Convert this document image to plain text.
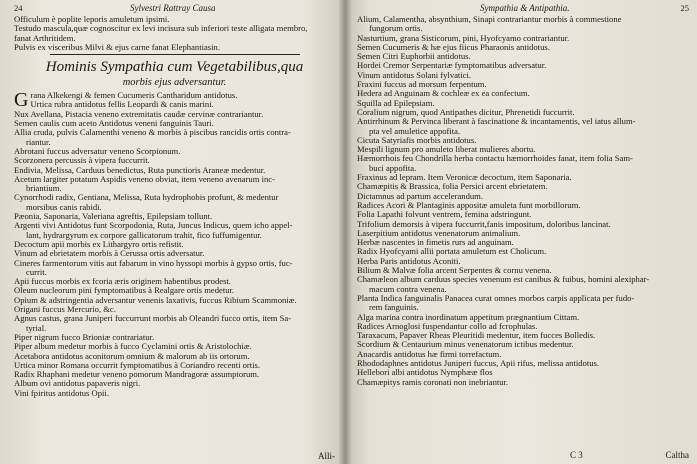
24	Sylvestri Rattray Causa
Officulum è poplite leporis amuletum ipsimi.
Testudo mascula,quæ cognoscitur ex levi incisura sub inferiori teste alligata membro,
fanat Arthritidem.
Pulvis ex visceribus Milvi & ejus carne fanat Elephantiasin.
Hominis Sympathia cum Vegetabilibus,qua
morbis ejus adversantur.
G rana Alkekengi & femen Cucumeris Cantharidum antidotus.
Urtica rubra antidotus fellis Leopardi & canis marini.
Nux Avellana, Pistacia veneno extremitatis caudæ cervinæ contrariantur.
Semen caulis cum aceto Antidotus veneni fanguinis Tauri.
Allia cruda, pulvis Calamenthi veneno & morbis à piscibus rancidis ortis contra-
riantur.
Abrotani fuccus adversatur veneno Scorpionum.
Scorzonera percussis à vipera fuccurrit.
Endivia, Melissa, Carduus benedictus, Ruta punctioris Araneæ medentur.
Acetum largiter potatum Aspidis veneno obviat, item veneno avenarum inc-
briantium.
Cynorrhodi radix, Gentiana, Melissa, Ruta hydrophobis profunt, & medentur
morsibus canis rabidi.
Pæonia, Saponaria, Valeriana agreftis, Epilepsiam tollunt.
Argenti vivi Antidotus funt Scorpodonia, Ruta, Juncus Indicus, quem icho appel-
lant, hydrargyrum ex corpore gallicatorum trahit, fico fuffumigentur.
Decoctum apii morbis ex Lithargyro ortis refistit.
Vinum ad ebrietatem morbis à Cerussa ortis adversatur.
Cineres farmentorum vitis aut fabarum in vino hyssopi morbis à gypso ortis, fuc-
currit.
Apii fuccus morbis ex fcoria æris originem habentibus prodest.
Oleum nucleorum pini fymptomatibus à Realgare ortis medetur.
Opium & adstringentia adversantur venenis laxativis, fuccus Ribium Scammoniæ.
Origani fuccus Mercurio, &c.
Agnus castus, grana Juniperi fuccurrunt morbis ab Oleandri fucco ortis, item Sa-
tyrial.
Piper nigrum fucco Brioniæ contrariatur.
Piper album medetur morbis à fucco Cyclamini ortis & Aristolochiæ.
Acetabora antidotus aconitorum omnium & malorum ab iis ortorum.
Urtica minor Romana occurrit fymptomatibus à Coriandro recenti ortis.
Radix Rhaphani medetur veneno pomorum Mandragoræ assumptorum.
Album ovi antidotus papaveris nigri.
Vini fpiritus antidotus Opii.
Alli-
Sympathia & Antipathia.	25
Alium, Calamentha, absynthium, Sinapi contrariantur morbis à commestione
fungorum ortis.
Nasturtium, grana Sisticorum, pini, Hyofcyamo contrariantur.
Semen Cucumeris & hæ ejus fiicus Pharaonis antidotus.
Semen Citri Euphorbii antidotus.
Hordei Cremor Serpentariæ fymptomatibus adversatur.
Vinum antidotus Solani fylvatici.
Fraxini fuccus ad morsum ferpentum.
Hedera ad Anguinam & cochleæ ex ea confectum.
Squilla ad Epilepsiam.
Coralium nigrum, quod Antipathes dicitur, Phrenetidi fuccurrit.
Antirrhinum & Pervinca liberant à fascinatione & incantamentis, vel iatus allum-
pta vel amuletice appofita.
Cicuta Satyriafis morbis antidotus.
Mespili lignum pro amuleto liberat mulieres abortu.
Hæmorrhois feu Chondrilla herba contactu hæmorrhoides fanat, item folia Sam-
buci appofita.
Fraxinus ad lepram. Item Veronicæ decoctum, item Saponaria.
Chamæpitis & Brassica, folia Persici arcent ebrietatem.
Dictamnus ad partum accelerandum.
Radices Acori & Plantaginis appositæ amuleta funt morbillorum.
Folia Lapathi folvunt ventrem, femina adstringunt.
Trifolium demorsis à vipera fuccurrit,fanis impositum, doloribus lancinat.
Laserpitium antidotus venenatorum animalium.
Herbæ nascentes in fimetis rurs ad anguinam.
Radix Hyofcyami allii portata amuletum est Cholicum.
Herba Paris antidotus Aconiti.
Bilium & Malvæ folia arcent Serpentes & cornu venena.
Chamæleon album carduus species venenum est canibus & fuibus, homini alexiphar-
macum contra venena.
Planta Indica fanguinalis Panacea curat omnes morbos carpis applicata per fudo-
rem fanguinis.
Alga marina contra inordinatum appetitum prægnantium Cittam.
Radices Arnoglosi fuspendantur collo ad fcrophulas.
Taraxacum, Papaver Rheas Pleuritidi medentur, item fucces Bolledis.
Scordium & Centaurium minus venenatorum ictibus medentur.
Anacardis antidotus hæ firmi torrefactum.
Rhododaphnes antidotus Juniperi fuccus, Apii rifus, melissa antidotus.
Hellebori albi antidotus Nymphææ flos
Chamæpitys ramis coronati non inebriantur.
C 3	Caltha
